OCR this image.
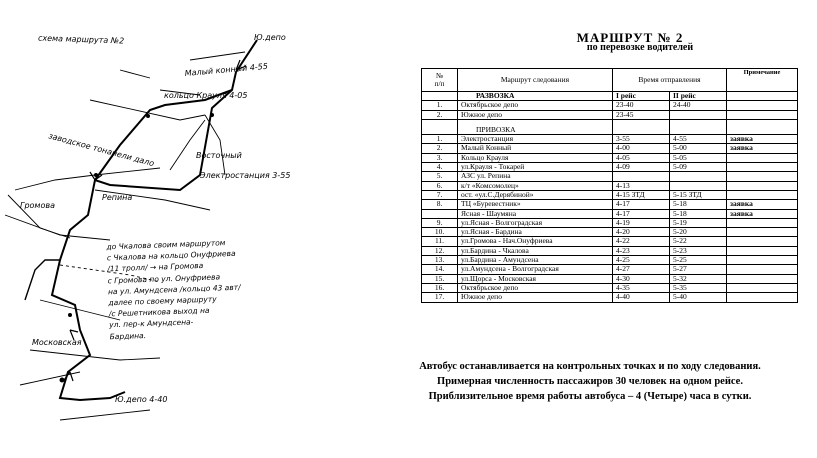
Ю.депо
Малый конный 4-55
кольцо Крауля 4-05
заводское тонанели дало
Электростанция 3-55
Восточный
Громова
Репина
Московская
Ю.депо 4-40
схема маршрута №2
до Чкалова своим маршрутом
с Чкалова на кольцо Онуфриева
/11 тролл/ → на Громова
с Громова по ул. Онуфриева
на ул. Амундсена /кольцо 43 авт/
далее по своему маршруту
/с Решетникова выход на
ул. пер-к Амундсена-
Бардина.
МАРШРУТ № 2
по перевозке водителей
№
п/п	Маршрут следования	Время отправления		Примечание

	РАЗВОЗКА	I рейс	II рейс	
1.	Октябрьское депо	23-40	24-40	
2.	Южное депо	23-45		
	ПРИВОЗКА			
1.	Электростанция	3-55	4-55	заявка
2.	Малый Конный	4-00	5-00	заявка
3.	Кольцо Крауля	4-05	5-05	
4.	ул.Крауля - Токарей	4-09	5-09	
5.	АЗС ул. Репина			
6.	к/т «Комсомолец»	4-13		
7.	ост. «ул.С.Дерябиной»	4-15 ЗТД	5-15 ЗТД	
8.	ТЦ «Буревестник»	4-17	5-18	заявка
	Ясная - Шаумяна	4-17	5-18	заявка
9.	ул.Ясная - Волгоградская	4-19	5-19	
10.	ул.Ясная - Бардина	4-20	5-20	
11.	ул.Громова - Нач.Онуфриева	4-22	5-22	
12.	ул.Бардина - Чкалова	4-23	5-23	
13.	ул.Бардина - Амундсена	4-25	5-25	
14.	ул.Амундсена - Волгоградская	4-27	5-27	
15.	ул.Щорса - Московская	4-30	5-32	
16.	Октябрьское депо	4-35	5-35	
17.	Южное депо	4-40	5-40	
Автобус останавливается на контрольных точках и по ходу следования.
Примерная численность пассажиров 30 человек на одном рейсе.
Приблизительное время работы автобуса – 4 (Четыре) часа в сутки.
